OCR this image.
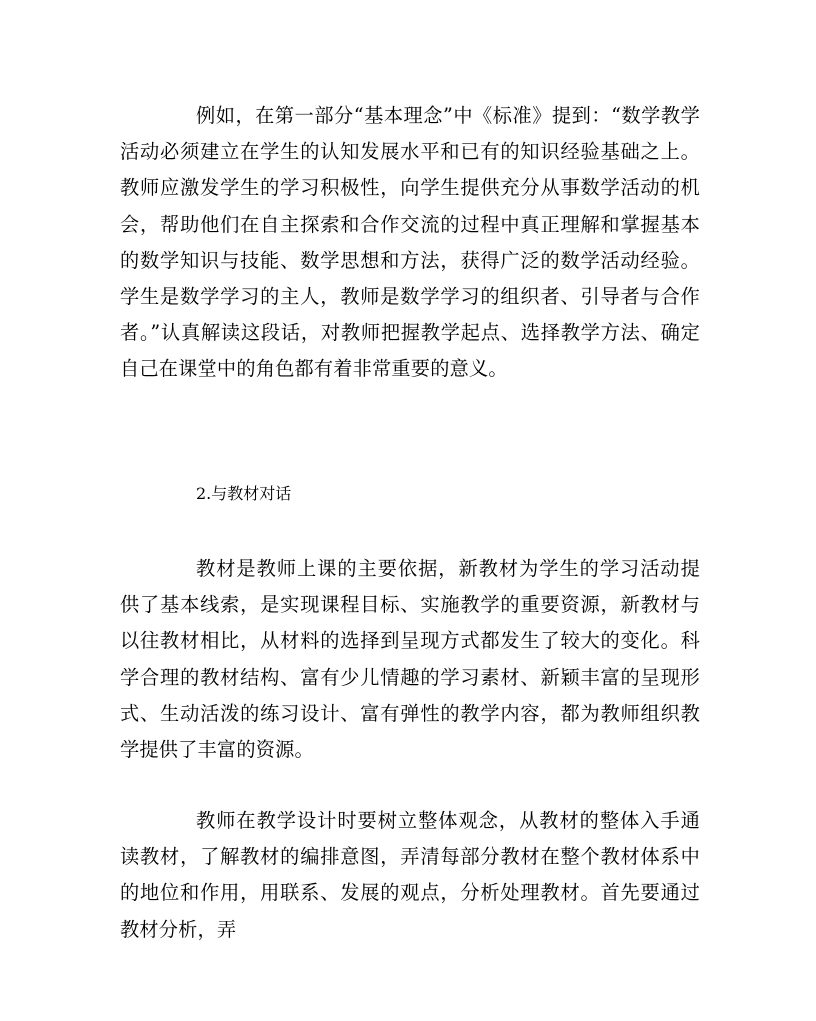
例如，在第一部分“基本理念”中《标准》提到：“数学教学活动必须建立在学生的认知发展水平和已有的知识经验基础之上。教师应激发学生的学习积极性，向学生提供充分从事数学活动的机会，帮助他们在自主探索和合作交流的过程中真正理解和掌握基本的数学知识与技能、数学思想和方法，获得广泛的数学活动经验。学生是数学学习的主人，教师是数学学习的组织者、引导者与合作者。”认真解读这段话，对教师把握教学起点、选择教学方法、确定自己在课堂中的角色都有着非常重要的意义。

2.与教材对话

教材是教师上课的主要依据，新教材为学生的学习活动提供了基本线索，是实现课程目标、实施教学的重要资源，新教材与以往教材相比，从材料的选择到呈现方式都发生了较大的变化。科学合理的教材结构、富有少儿情趣的学习素材、新颖丰富的呈现形式、生动活泼的练习设计、富有弹性的教学内容，都为教师组织教学提供了丰富的资源。

教师在教学设计时要树立整体观念，从教材的整体入手通读教材，了解教材的编排意图，弄清每部分教材在整个教材体系中的地位和作用，用联系、发展的观点，分析处理教材。首先要通过教材分析，弄
